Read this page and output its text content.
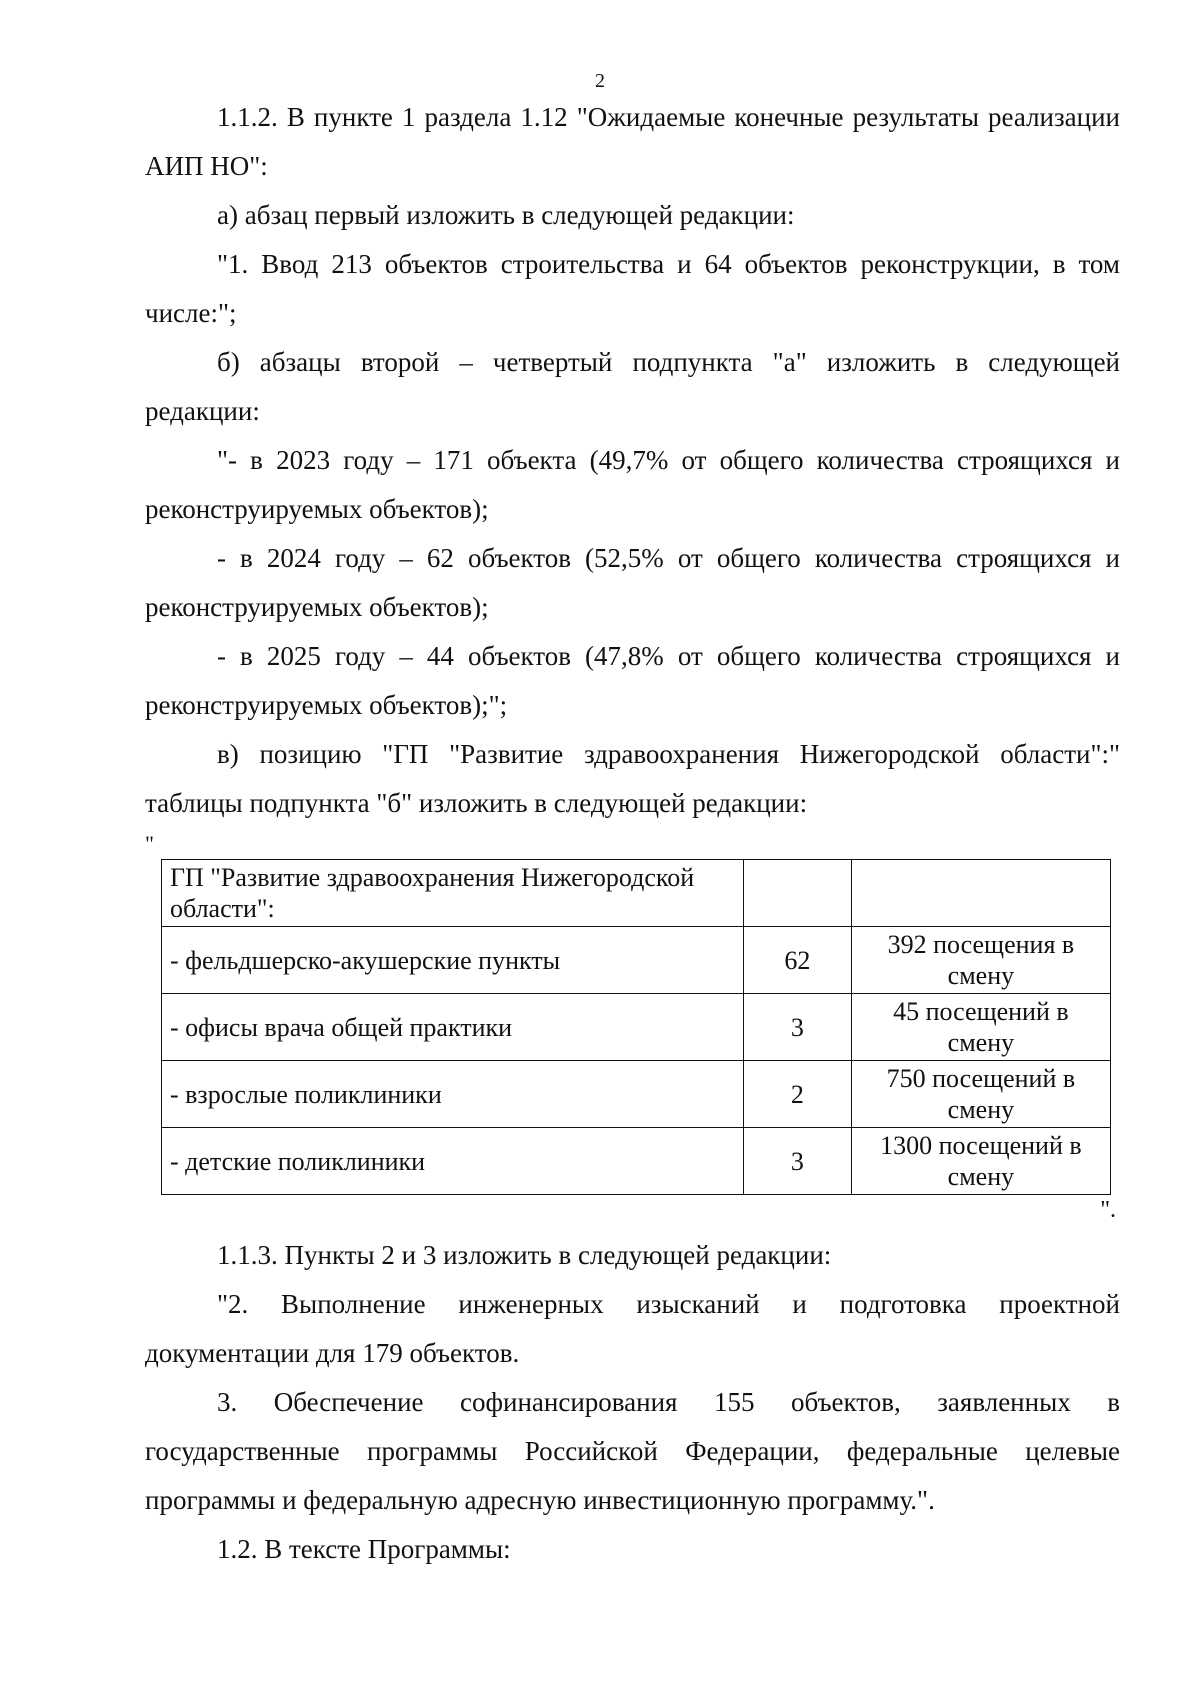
2

1.1.2. В пункте 1 раздела 1.12 "Ожидаемые конечные результаты реализации АИП НО":

а) абзац первый изложить в следующей редакции:

"1. Ввод 213 объектов строительства и 64 объектов реконструкции, в том числе:";

б) абзацы второй – четвертый подпункта "а" изложить в следующей редакции:

"- в 2023 году – 171 объекта (49,7% от общего количества строящихся и реконструируемых объектов);

- в 2024 году – 62 объектов (52,5% от общего количества строящихся и реконструируемых объектов);

- в 2025 году – 44 объектов (47,8% от общего количества строящихся и реконструируемых объектов);";

в) позицию "ГП "Развитие здравоохранения Нижегородской области":" таблицы подпункта "б" изложить в следующей редакции:

"

ГП "Развитие здравоохранения Нижегородской области":		
- фельдшерско-акушерские пункты	62	392 посещения в смену
- офисы врача общей практики	3	45 посещений в смену
- взрослые поликлиники	2	750 посещений в смену
- детские поликлиники	3	1300 посещений в смену

".

1.1.3. Пункты 2 и 3 изложить в следующей редакции:

"2. Выполнение инженерных изысканий и подготовка проектной документации для 179 объектов.

3. Обеспечение софинансирования 155 объектов, заявленных в государственные программы Российской Федерации, федеральные целевые программы и федеральную адресную инвестиционную программу.".

1.2. В тексте Программы:
